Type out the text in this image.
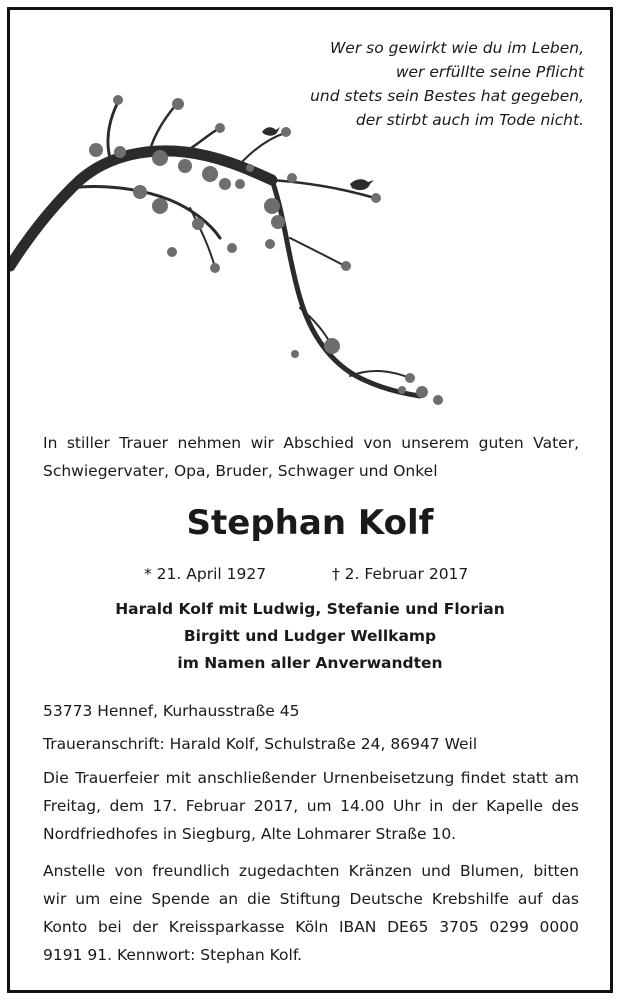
Wer so gewirkt wie du im Leben,
wer erfüllte seine Pflicht
und stets sein Bestes hat gegeben,
der stirbt auch im Tode nicht.
In stiller Trauer nehmen wir Abschied von unserem guten Vater,
Schwiegervater, Opa, Bruder, Schwager und Onkel
Stephan Kolf
* 21. April 1927	† 2. Februar 2017
Harald Kolf mit Ludwig, Stefanie und Florian
Birgitt und Ludger Wellkamp
im Namen aller Anverwandten
53773 Hennef, Kurhausstraße 45
Traueranschrift: Harald Kolf, Schulstraße 24, 86947 Weil
Die Trauerfeier mit anschließender Urnenbeisetzung findet statt am
Freitag, dem 17. Februar 2017, um 14.00 Uhr in der Kapelle des
Nordfriedhofes in Siegburg, Alte Lohmarer Straße 10.
Anstelle von freundlich zugedachten Kränzen und Blumen, bitten
wir um eine Spende an die Stiftung Deutsche Krebshilfe auf das
Konto bei der Kreissparkasse Köln IBAN DE65 3705 0299 0000
9191 91. Kennwort: Stephan Kolf.
